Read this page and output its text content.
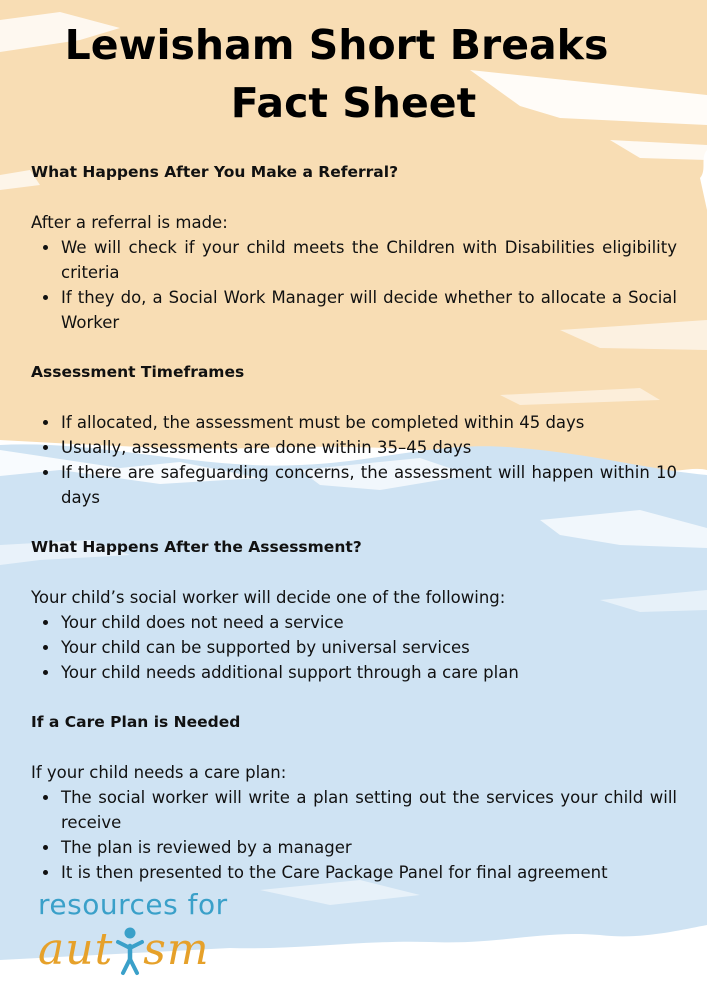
Lewisham Short Breaks
Fact Sheet

What Happens After You Make a Referral?

After a referral is made:

• We will check if your child meets the Children with Disabilities eligibility criteria
• If they do, a Social Work Manager will decide whether to allocate a Social Worker

Assessment Timeframes

• If allocated, the assessment must be completed within 45 days
• Usually, assessments are done within 35–45 days
• If there are safeguarding concerns, the assessment will happen within 10 days

What Happens After the Assessment?

Your child’s social worker will decide one of the following:

• Your child does not need a service
• Your child can be supported by universal services
• Your child needs additional support through a care plan

If a Care Plan is Needed

If your child needs a care plan:

• The social worker will write a plan setting out the services your child will receive
• The plan is reviewed by a manager
• It is then presented to the Care Package Panel for final agreement
resources for
aut sm
